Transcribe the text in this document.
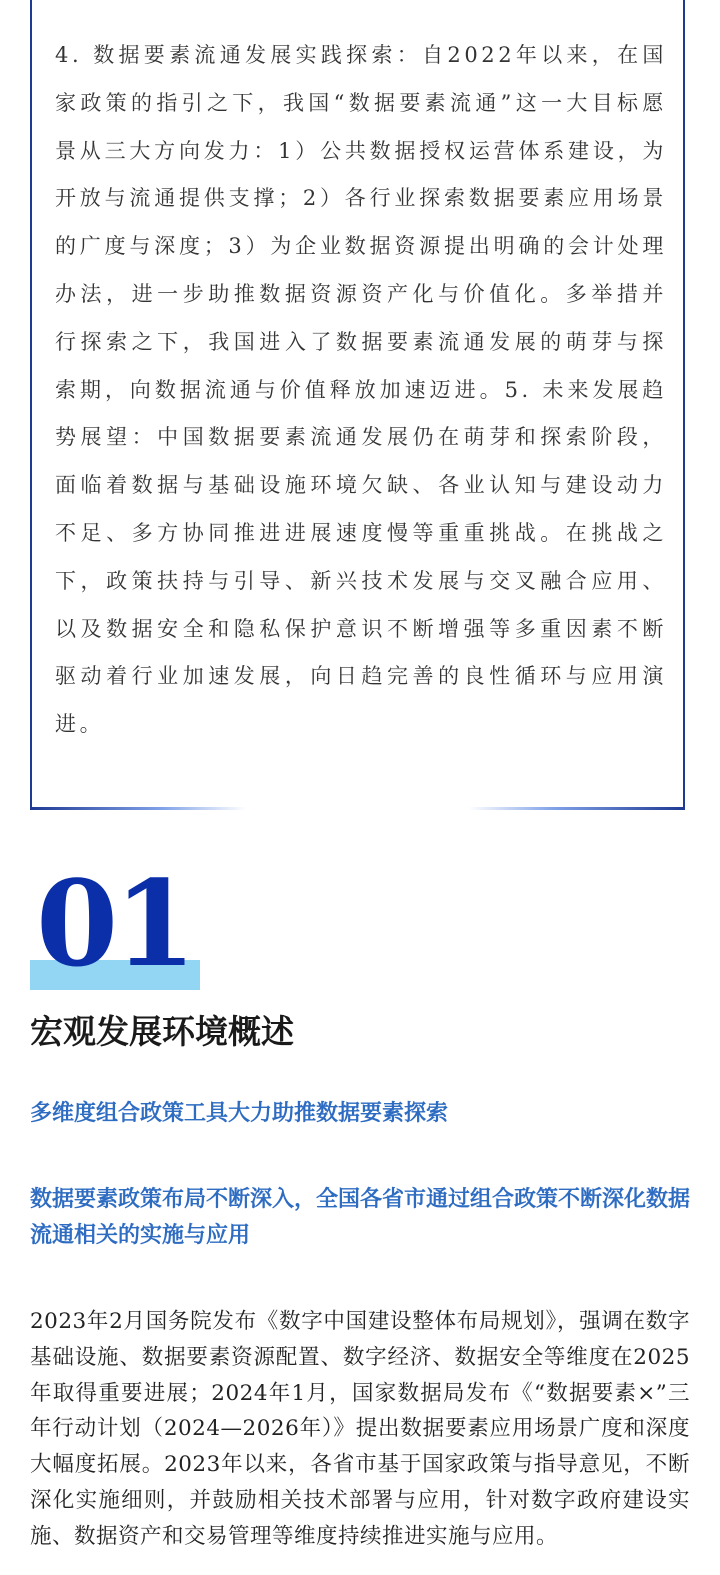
4. 数据要素流通发展实践探索：自2022年以来，在国家政策的指引之下，我国“数据要素流通”这一大目标愿景从三大方向发力：1）公共数据授权运营体系建设，为开放与流通提供支撑；2）各行业探索数据要素应用场景的广度与深度；3）为企业数据资源提出明确的会计处理办法，进一步助推数据资源资产化与价值化。多举措并行探索之下，我国进入了数据要素流通发展的萌芽与探索期，向数据流通与价值释放加速迈进。5. 未来发展趋势展望：中国数据要素流通发展仍在萌芽和探索阶段，面临着数据与基础设施环境欠缺、各业认知与建设动力不足、多方协同推进进展速度慢等重重挑战。在挑战之下，政策扶持与引导、新兴技术发展与交叉融合应用、以及数据安全和隐私保护意识不断增强等多重因素不断驱动着行业加速发展，向日趋完善的良性循环与应用演进。

01
宏观发展环境概述
多维度组合政策工具大力助推数据要素探索
数据要素政策布局不断深入，全国各省市通过组合政策不断深化数据流通相关的实施与应用

2023年2月国务院发布《数字中国建设整体布局规划》，强调在数字基础设施、数据要素资源配置、数字经济、数据安全等维度在2025年取得重要进展；2024年1月，国家数据局发布《“数据要素×”三年行动计划（2024—2026年）》提出数据要素应用场景广度和深度大幅度拓展。2023年以来，各省市基于国家政策与指导意见，不断深化实施细则，并鼓励相关技术部署与应用，针对数字政府建设实施、数据资产和交易管理等维度持续推进实施与应用。
